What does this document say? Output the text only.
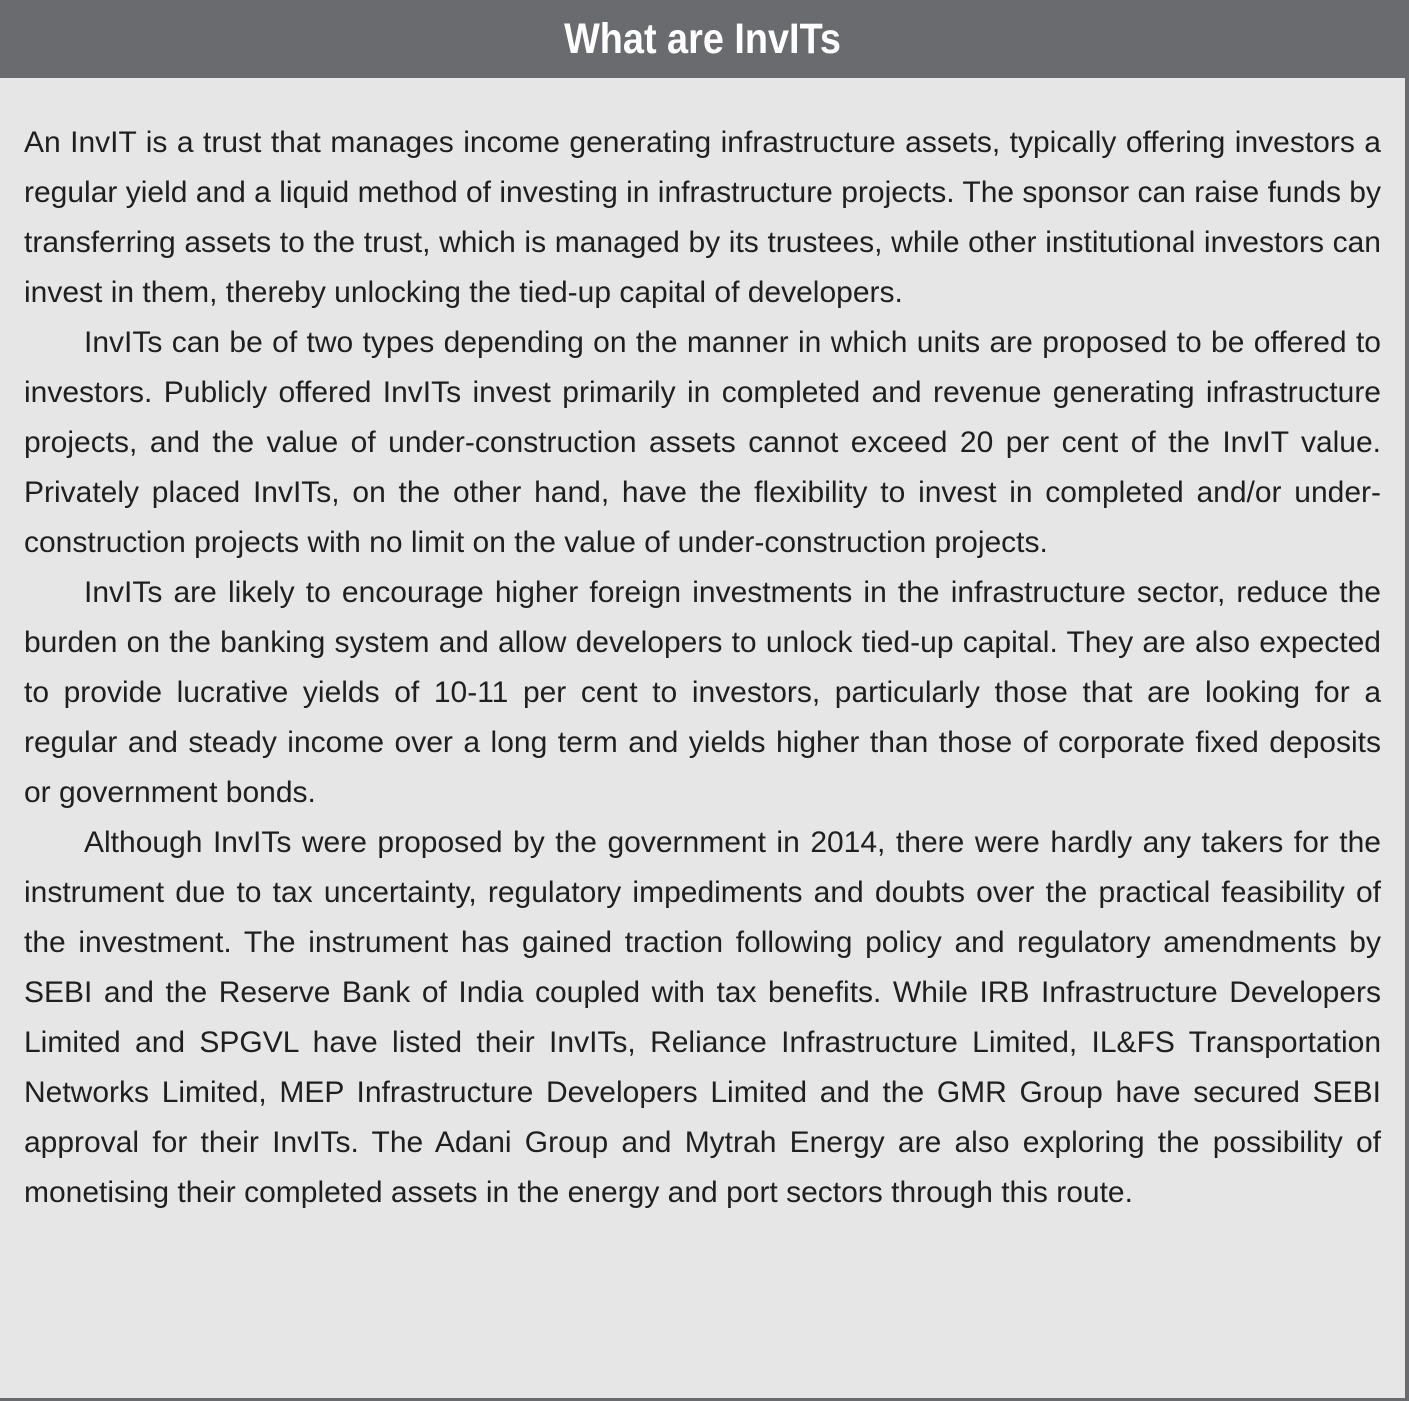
What are InvITs

An InvIT is a trust that manages income generating infrastructure assets, typically offering investors a regular yield and a liquid method of investing in infrastructure projects. The sponsor can raise funds by transferring assets to the trust, which is managed by its trustees, while other institutional investors can invest in them, thereby unlocking the tied-up capital of developers.

InvITs can be of two types depending on the manner in which units are proposed to be offered to investors. Publicly offered InvITs invest primarily in completed and revenue generating infrastructure projects, and the value of under-construction assets cannot exceed 20 per cent of the InvIT value. Privately placed InvITs, on the other hand, have the flexibility to invest in completed and/or under-construction projects with no limit on the value of under-construction projects.

InvITs are likely to encourage higher foreign investments in the infrastructure sector, reduce the burden on the banking system and allow developers to unlock tied-up capital. They are also expected to provide lucrative yields of 10-11 per cent to investors, particularly those that are looking for a regular and steady income over a long term and yields higher than those of corporate fixed deposits or government bonds.

Although InvITs were proposed by the government in 2014, there were hardly any takers for the instrument due to tax uncertainty, regulatory impediments and doubts over the practical feasibility of the investment. The instrument has gained traction following policy and regulatory amendments by SEBI and the Reserve Bank of India coupled with tax benefits. While IRB Infrastructure Developers Limited and SPGVL have listed their InvITs, Reliance Infrastructure Limited, IL&FS Transportation Networks Limited, MEP Infrastructure Developers Limited and the GMR Group have secured SEBI approval for their InvITs. The Adani Group and Mytrah Energy are also exploring the possibility of monetising their completed assets in the energy and port sectors through this route.
